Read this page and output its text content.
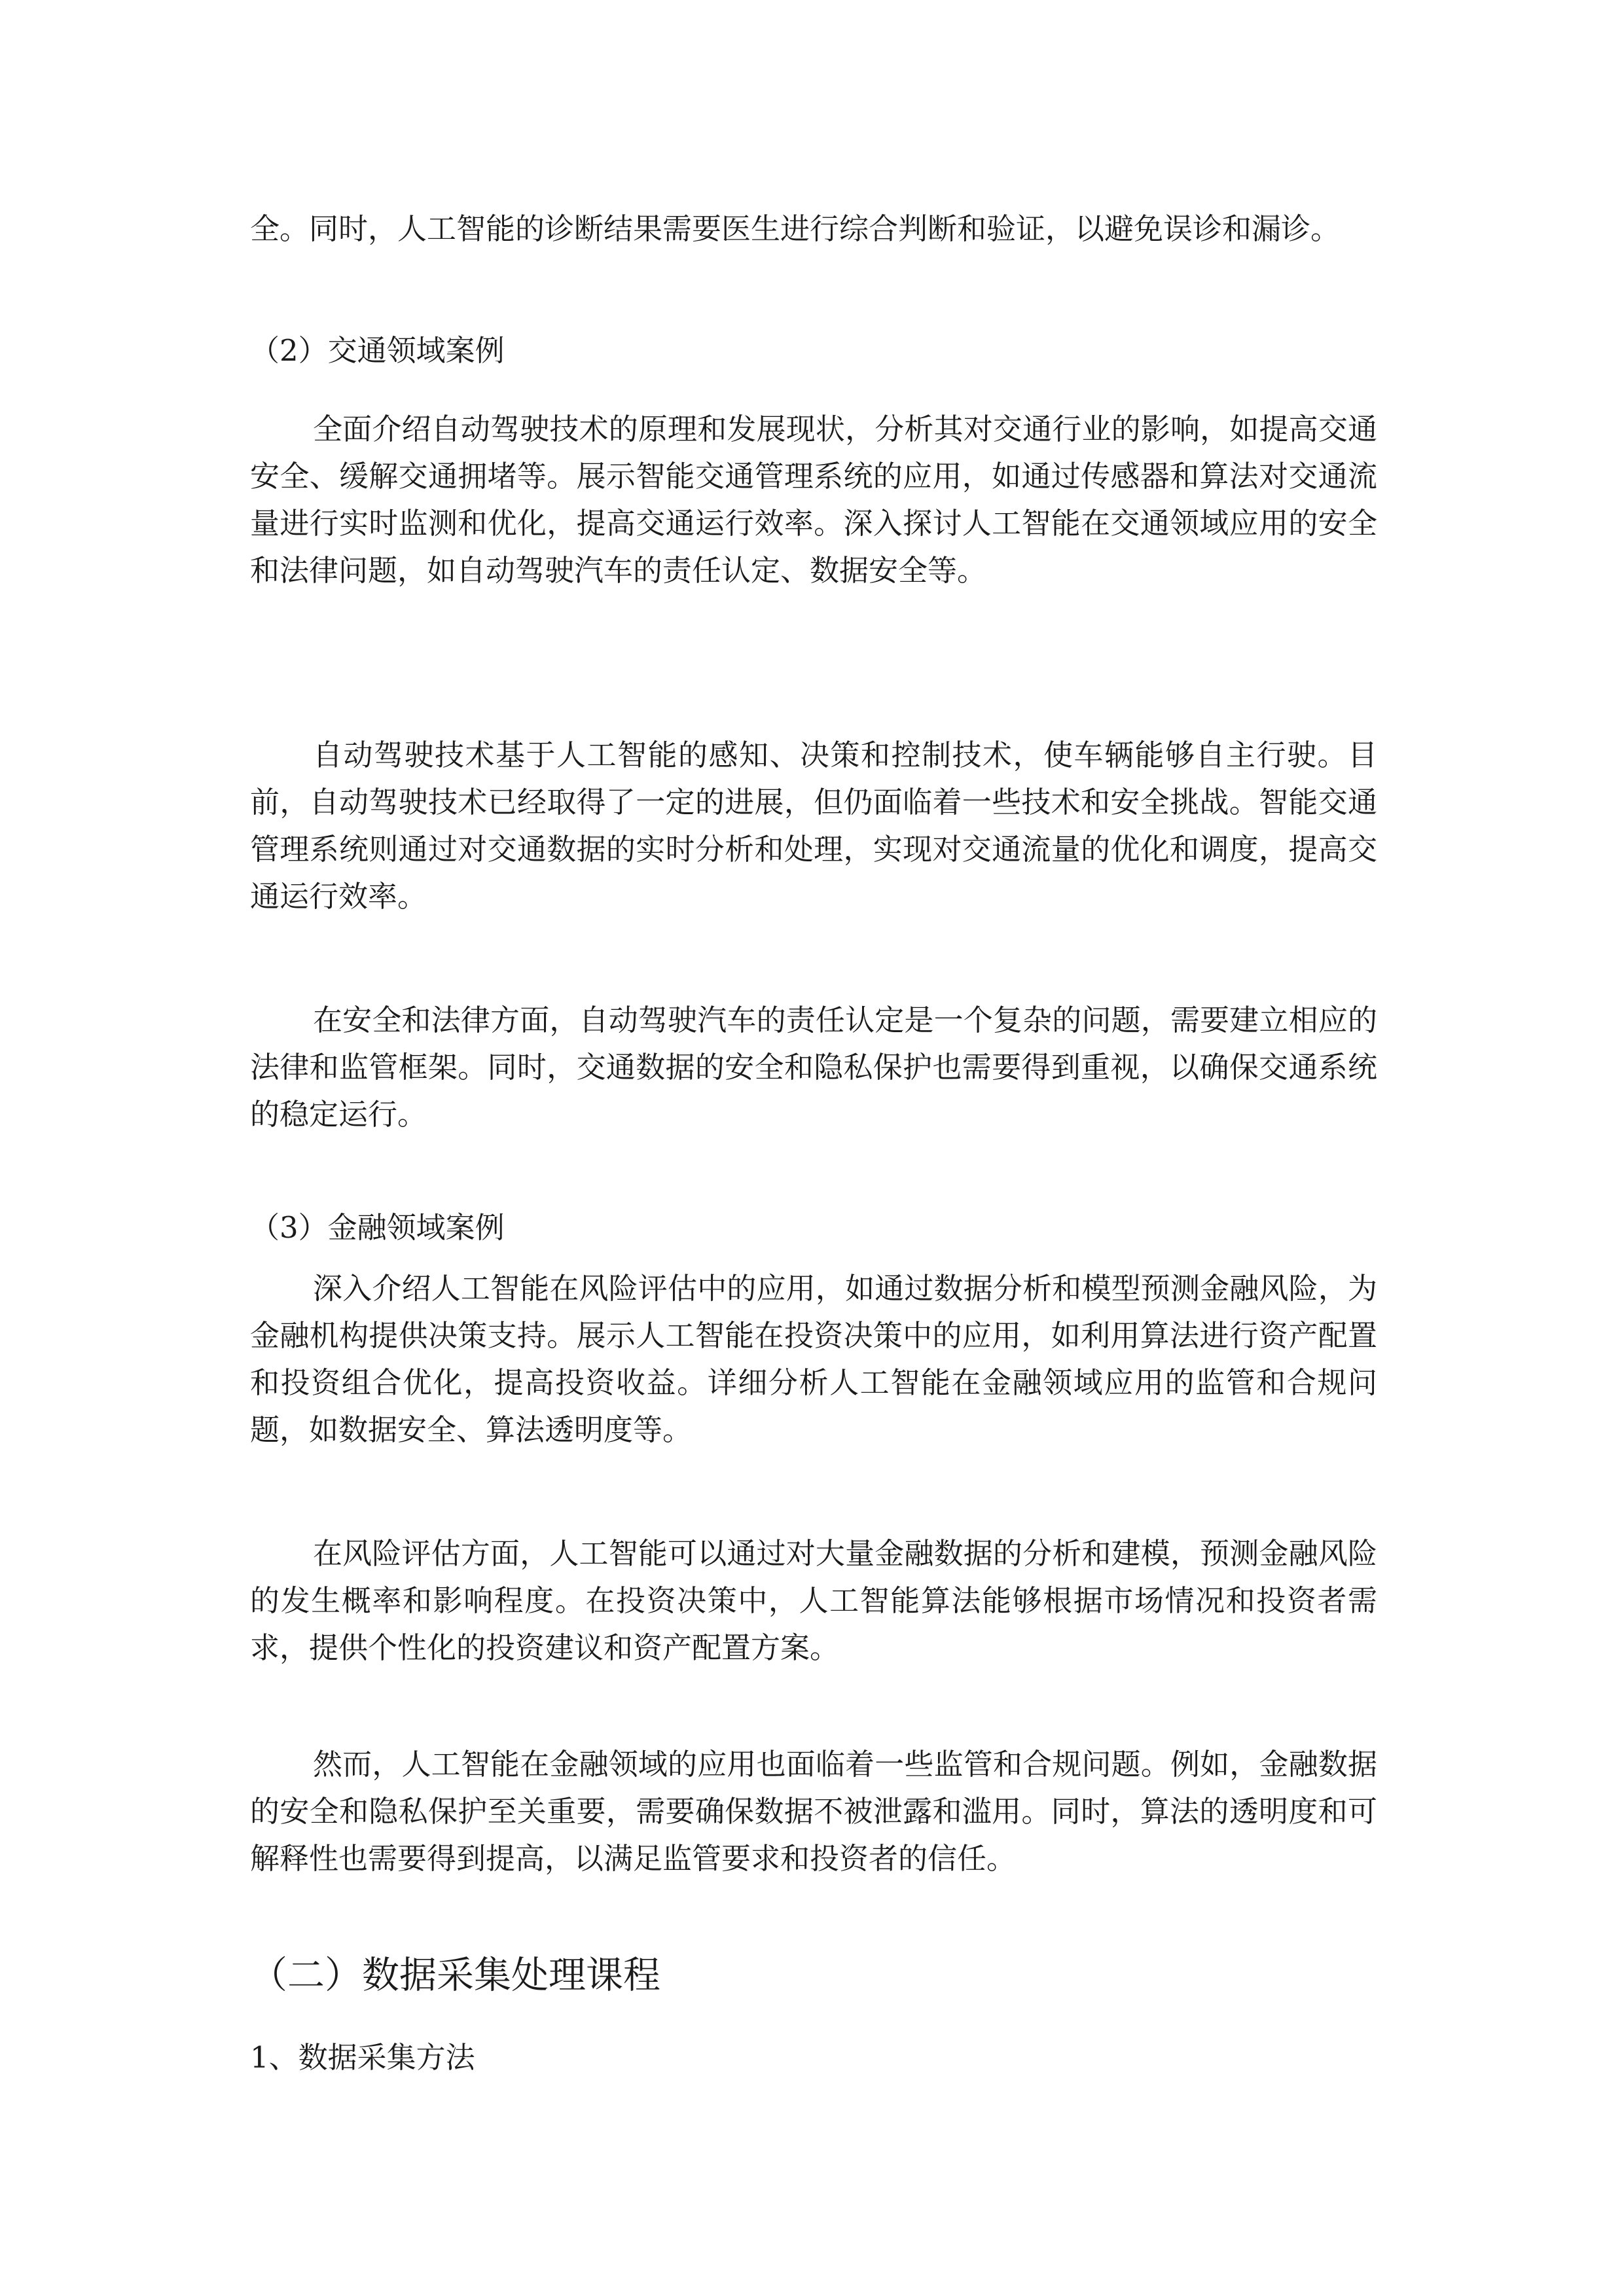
全。同时，人工智能的诊断结果需要医生进行综合判断和验证，以避免误诊和漏诊。

（2）交通领域案例

全面介绍自动驾驶技术的原理和发展现状，分析其对交通行业的影响，如提高交通安全、缓解交通拥堵等。展示智能交通管理系统的应用，如通过传感器和算法对交通流量进行实时监测和优化，提高交通运行效率。深入探讨人工智能在交通领域应用的安全和法律问题，如自动驾驶汽车的责任认定、数据安全等。

自动驾驶技术基于人工智能的感知、决策和控制技术，使车辆能够自主行驶。目前，自动驾驶技术已经取得了一定的进展，但仍面临着一些技术和安全挑战。智能交通管理系统则通过对交通数据的实时分析和处理，实现对交通流量的优化和调度，提高交通运行效率。

在安全和法律方面，自动驾驶汽车的责任认定是一个复杂的问题，需要建立相应的法律和监管框架。同时，交通数据的安全和隐私保护也需要得到重视，以确保交通系统的稳定运行。

（3）金融领域案例

深入介绍人工智能在风险评估中的应用，如通过数据分析和模型预测金融风险，为金融机构提供决策支持。展示人工智能在投资决策中的应用，如利用算法进行资产配置和投资组合优化，提高投资收益。详细分析人工智能在金融领域应用的监管和合规问题，如数据安全、算法透明度等。

在风险评估方面，人工智能可以通过对大量金融数据的分析和建模，预测金融风险的发生概率和影响程度。在投资决策中，人工智能算法能够根据市场情况和投资者需求，提供个性化的投资建议和资产配置方案。

然而，人工智能在金融领域的应用也面临着一些监管和合规问题。例如，金融数据的安全和隐私保护至关重要，需要确保数据不被泄露和滥用。同时，算法的透明度和可解释性也需要得到提高，以满足监管要求和投资者的信任。

（二）数据采集处理课程

1、数据采集方法
